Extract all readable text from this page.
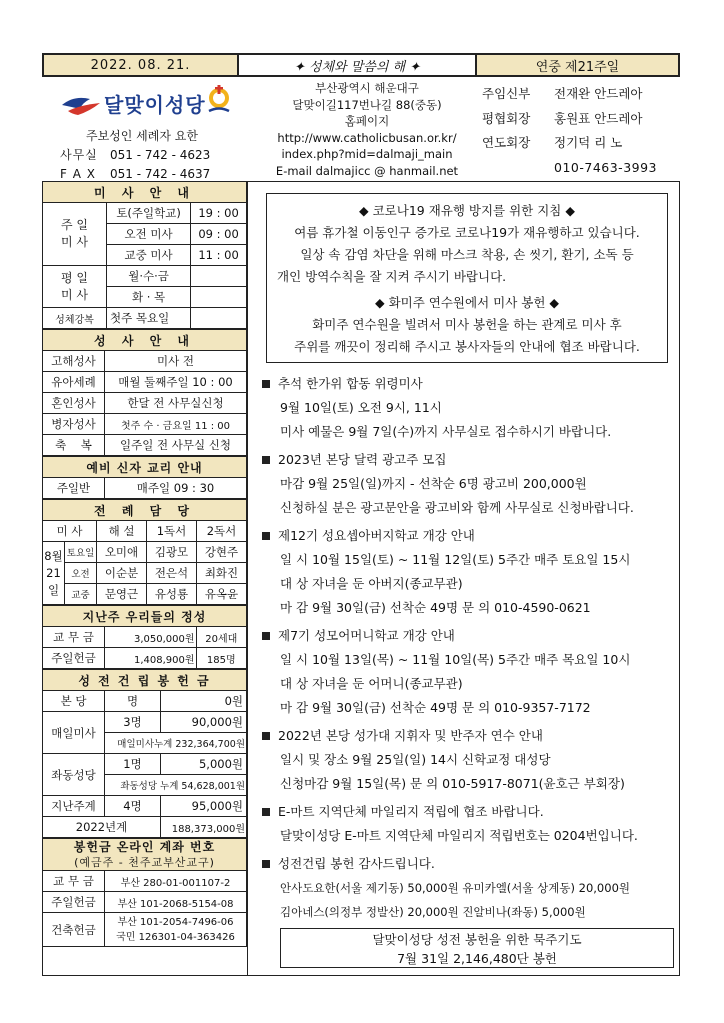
2022. 08. 21.	✦ 성체와 말씀의 해 ✦	연중 제21주일
달맞이성당
주보성인 세례자 요한
사무실	051 - 742 - 4623
F A X	051 - 742 - 4637
부산광역시 해운대구
달맞이길117번나길 88(중동)
홈페이지
http://www.catholicbusan.or.kr/
index.php?mid=dalmaji_main
E-mail dalmajicc @ hanmail.net
주임신부	전재완 안드레아
평협회장	홍원표 안드레아
연도회장	정기덕 리 노
010-7463-3993
미 사 안 내		
주 일
미 사	토(주일학교)	19 : 00
	오전 미사	09 : 00
	교중 미사	11 : 00
평 일
미 사	월·수·금	
	화 · 목	
성체강복	첫주 목요일	
성 사 안 내	
고해성사	미사 전
유아세례	매월 둘째주일 10 : 00
혼인성사	한달 전 사무실신청
병자성사	첫주 수 · 금요일 11 : 00
축    복	일주일 전 사무실 신청
예비 신자 교리 안내
주일반	매주일 09 : 30
전 례 담 당				
미 사		해 설	1독서	2독서
8월
21일	토요일	오미애	김광모	강현주
	오전	이순분	전은석	최화진
	교중	문영근	유성룡	유옥윤
지난주 우리들의 정성		
교 무 금	3,050,000원	20세대
주일헌금	1,408,900원	185명
성 전 건 립 봉 헌 금		
본 당	명	0원
매일미사	3명	90,000원
	매일미사누계 232,364,700원	
좌동성당	1명	5,000원
	좌동성당 누계 54,628,001원	
지난주계	4명	95,000원
2022년계		188,373,000원
봉헌금 온라인 계좌 번호
(예금주 - 천주교부산교구)	

교 무 금	부산 280-01-001107-2
주일헌금	부산 101-2068-5154-08
건축헌금	부산 101-2054-7496-06
국민 126301-04-363426
◆ 코로나19 재유행 방지를 위한 지침 ◆
여름 휴가철 이동인구 증가로 코로나19가 재유행하고 있습니다.
일상 속 감염 차단을 위해 마스크 착용, 손 씻기, 환기, 소독 등
개인 방역수칙을 잘 지켜 주시기 바랍니다.
◆ 화미주 연수원에서 미사 봉헌 ◆
화미주 연수원을 빌려서 미사 봉헌을 하는 관계로 미사 후
주위를 깨끗이 정리해 주시고 봉사자들의 안내에 협조 바랍니다.
추석 한가위 합동 위령미사
9월 10일(토) 오전 9시, 11시
미사 예물은 9월 7일(수)까지 사무실로 접수하시기 바랍니다.
2023년 본당 달력 광고주 모집
마감 9월 25일(일)까지 - 선착순 6명 광고비 200,000원
신청하실 분은 광고문안을 광고비와 함께 사무실로 신청바랍니다.
제12기 성요셉아버지학교 개강 안내
일 시 10월 15일(토) ~ 11월 12일(토) 5주간 매주 토요일 15시
대 상 자녀을 둔 아버지(종교무관)
마 감 9월 30일(금) 선착순 49명 문 의 010-4590-0621
제7기 성모어머니학교 개강 안내
일 시 10월 13일(목) ~ 11월 10일(목) 5주간 매주 목요일 10시
대 상 자녀을 둔 어머니(종교무관)
마 감 9월 30일(금) 선착순 49명 문 의 010-9357-7172
2022년 본당 성가대 지휘자 및 반주자 연수 안내
일시 및 장소 9월 25일(일) 14시 신학교정 대성당
신청마감 9월 15일(목) 문 의 010-5917-8071(윤호근 부회장)
E-마트 지역단체 마일리지 적립에 협조 바랍니다.
달맞이성당 E-마트 지역단체 마일리지 적립번호는 0204번입니다.
성전건립 봉헌 감사드립니다.
안사도요한(서울 제기동) 50,000원 유미카엘(서울 상계동) 20,000원
김아네스(의정부 정발산) 20,000원 진알비나(좌동) 5,000원
달맞이성당 성전 봉헌을 위한 묵주기도
7월 31일 2,146,480단 봉헌
